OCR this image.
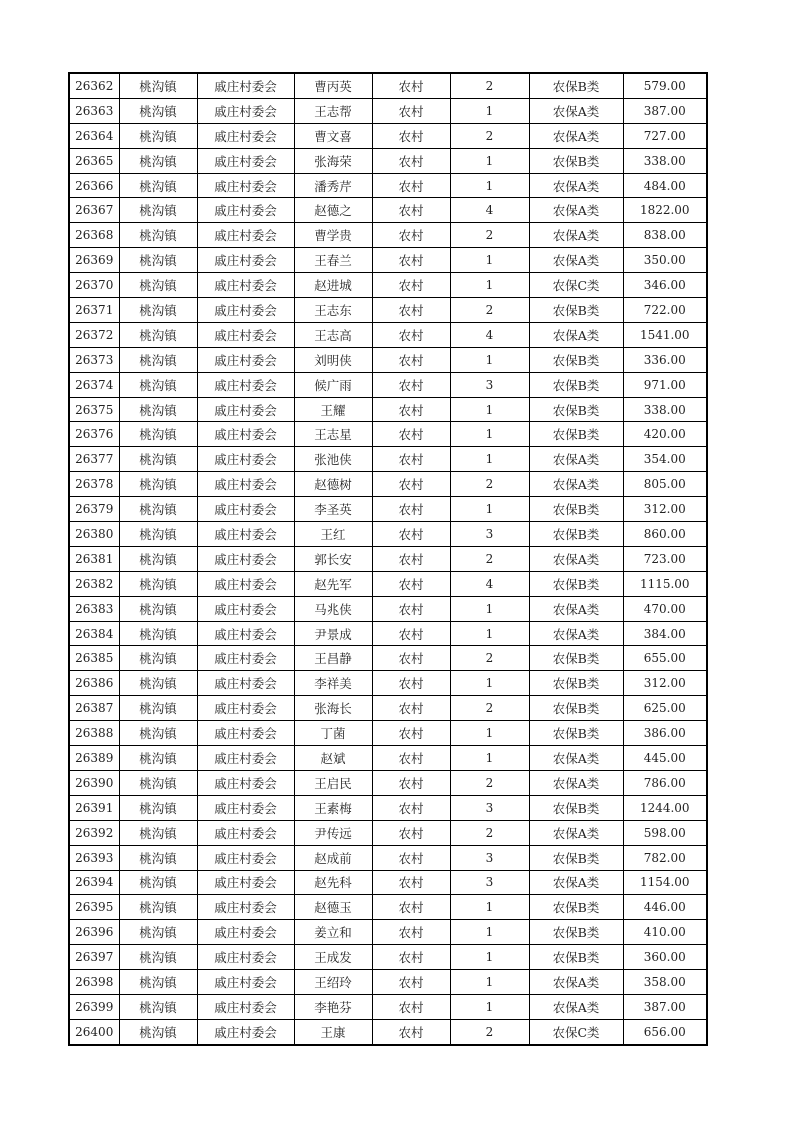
26362	桃沟镇	戚庄村委会	曹丙英	农村	2	农保B类	579.00
26363	桃沟镇	戚庄村委会	王志帮	农村	1	农保A类	387.00
26364	桃沟镇	戚庄村委会	曹文喜	农村	2	农保A类	727.00
26365	桃沟镇	戚庄村委会	张海荣	农村	1	农保B类	338.00
26366	桃沟镇	戚庄村委会	潘秀芹	农村	1	农保A类	484.00
26367	桃沟镇	戚庄村委会	赵德之	农村	4	农保A类	1822.00
26368	桃沟镇	戚庄村委会	曹学贵	农村	2	农保A类	838.00
26369	桃沟镇	戚庄村委会	王春兰	农村	1	农保A类	350.00
26370	桃沟镇	戚庄村委会	赵进城	农村	1	农保C类	346.00
26371	桃沟镇	戚庄村委会	王志东	农村	2	农保B类	722.00
26372	桃沟镇	戚庄村委会	王志高	农村	4	农保A类	1541.00
26373	桃沟镇	戚庄村委会	刘明侠	农村	1	农保B类	336.00
26374	桃沟镇	戚庄村委会	候广雨	农村	3	农保B类	971.00
26375	桃沟镇	戚庄村委会	王耀	农村	1	农保B类	338.00
26376	桃沟镇	戚庄村委会	王志星	农村	1	农保B类	420.00
26377	桃沟镇	戚庄村委会	张池侠	农村	1	农保A类	354.00
26378	桃沟镇	戚庄村委会	赵德树	农村	2	农保A类	805.00
26379	桃沟镇	戚庄村委会	李圣英	农村	1	农保B类	312.00
26380	桃沟镇	戚庄村委会	王红	农村	3	农保B类	860.00
26381	桃沟镇	戚庄村委会	郭长安	农村	2	农保A类	723.00
26382	桃沟镇	戚庄村委会	赵先军	农村	4	农保B类	1115.00
26383	桃沟镇	戚庄村委会	马兆侠	农村	1	农保A类	470.00
26384	桃沟镇	戚庄村委会	尹景成	农村	1	农保A类	384.00
26385	桃沟镇	戚庄村委会	王昌静	农村	2	农保B类	655.00
26386	桃沟镇	戚庄村委会	李祥美	农村	1	农保B类	312.00
26387	桃沟镇	戚庄村委会	张海长	农村	2	农保B类	625.00
26388	桃沟镇	戚庄村委会	丁菌	农村	1	农保B类	386.00
26389	桃沟镇	戚庄村委会	赵斌	农村	1	农保A类	445.00
26390	桃沟镇	戚庄村委会	王启民	农村	2	农保A类	786.00
26391	桃沟镇	戚庄村委会	王素梅	农村	3	农保B类	1244.00
26392	桃沟镇	戚庄村委会	尹传远	农村	2	农保A类	598.00
26393	桃沟镇	戚庄村委会	赵成前	农村	3	农保B类	782.00
26394	桃沟镇	戚庄村委会	赵先科	农村	3	农保A类	1154.00
26395	桃沟镇	戚庄村委会	赵德玉	农村	1	农保B类	446.00
26396	桃沟镇	戚庄村委会	姜立和	农村	1	农保B类	410.00
26397	桃沟镇	戚庄村委会	王成发	农村	1	农保B类	360.00
26398	桃沟镇	戚庄村委会	王绍玲	农村	1	农保A类	358.00
26399	桃沟镇	戚庄村委会	李艳芬	农村	1	农保A类	387.00
26400	桃沟镇	戚庄村委会	王康	农村	2	农保C类	656.00
